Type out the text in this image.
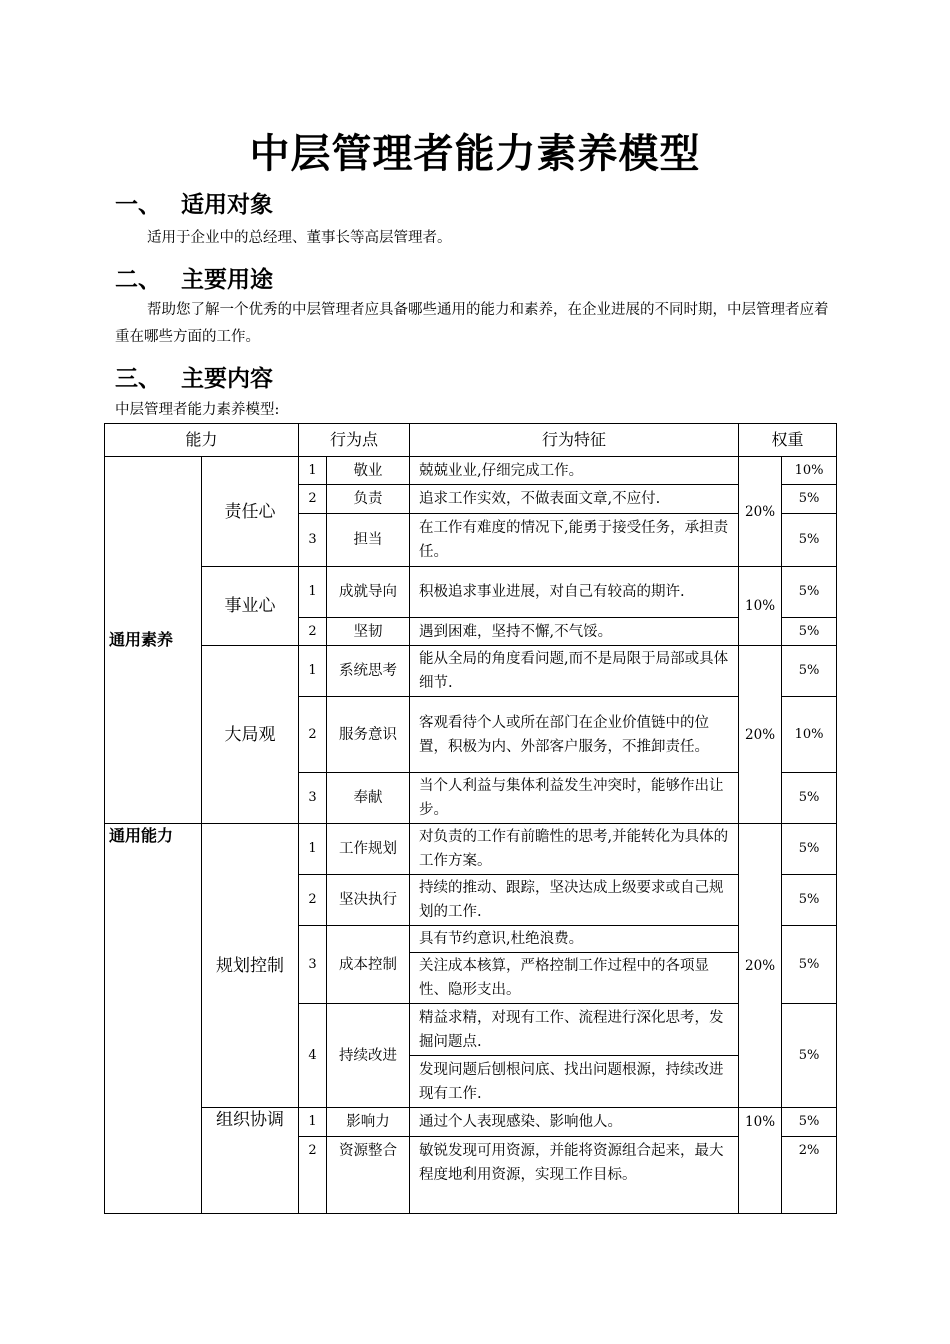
中层管理者能力素养模型
一、 适用对象
适用于企业中的总经理、董事长等高层管理者。
二、 主要用途
帮助您了解一个优秀的中层管理者应具备哪些通用的能力和素养，在企业进展的不同时期，中层管理者应着重在哪些方面的工作。
三、 主要内容
中层管理者能力素养模型:
能力		行为点		行为特征	权重	
通用素养	责任心	1	敬业	兢兢业业,仔细完成工作。	20%	10%
		2	负责	追求工作实效，不做表面文章,不应付.		5%
		3	担当	在工作有难度的情况下,能勇于接受任务，承担责任。		5%
	事业心	1	成就导向	积极追求事业进展，对自己有较高的期许.	10%	5%
		2	坚韧	遇到困难，坚持不懈,不气馁。		5%
	大局观	1	系统思考	能从全局的角度看问题,而不是局限于局部或具体细节.	20%	5%
		2	服务意识	客观看待个人或所在部门在企业价值链中的位置，积极为内、外部客户服务，不推卸责任。		10%
		3	奉献	当个人利益与集体利益发生冲突时，能够作出让步。		5%
通用能力	规划控制	1	工作规划	对负责的工作有前瞻性的思考,并能转化为具体的工作方案。	20%	5%
		2	坚决执行	持续的推动、跟踪，坚决达成上级要求或自己规划的工作.		5%
		3	成本控制	具有节约意识,杜绝浪费。		5%
				关注成本核算，严格控制工作过程中的各项显性、隐形支出。		
		4	持续改进	精益求精，对现有工作、流程进行深化思考，发掘问题点.		5%
				发现问题后刨根问底、找出问题根源，持续改进现有工作.		
	组织协调	1	影响力	通过个人表现感染、影响他人。	10%	5%
		2	资源整合	敏锐发现可用资源，并能将资源组合起来，最大程度地利用资源，实现工作目标。		2%
